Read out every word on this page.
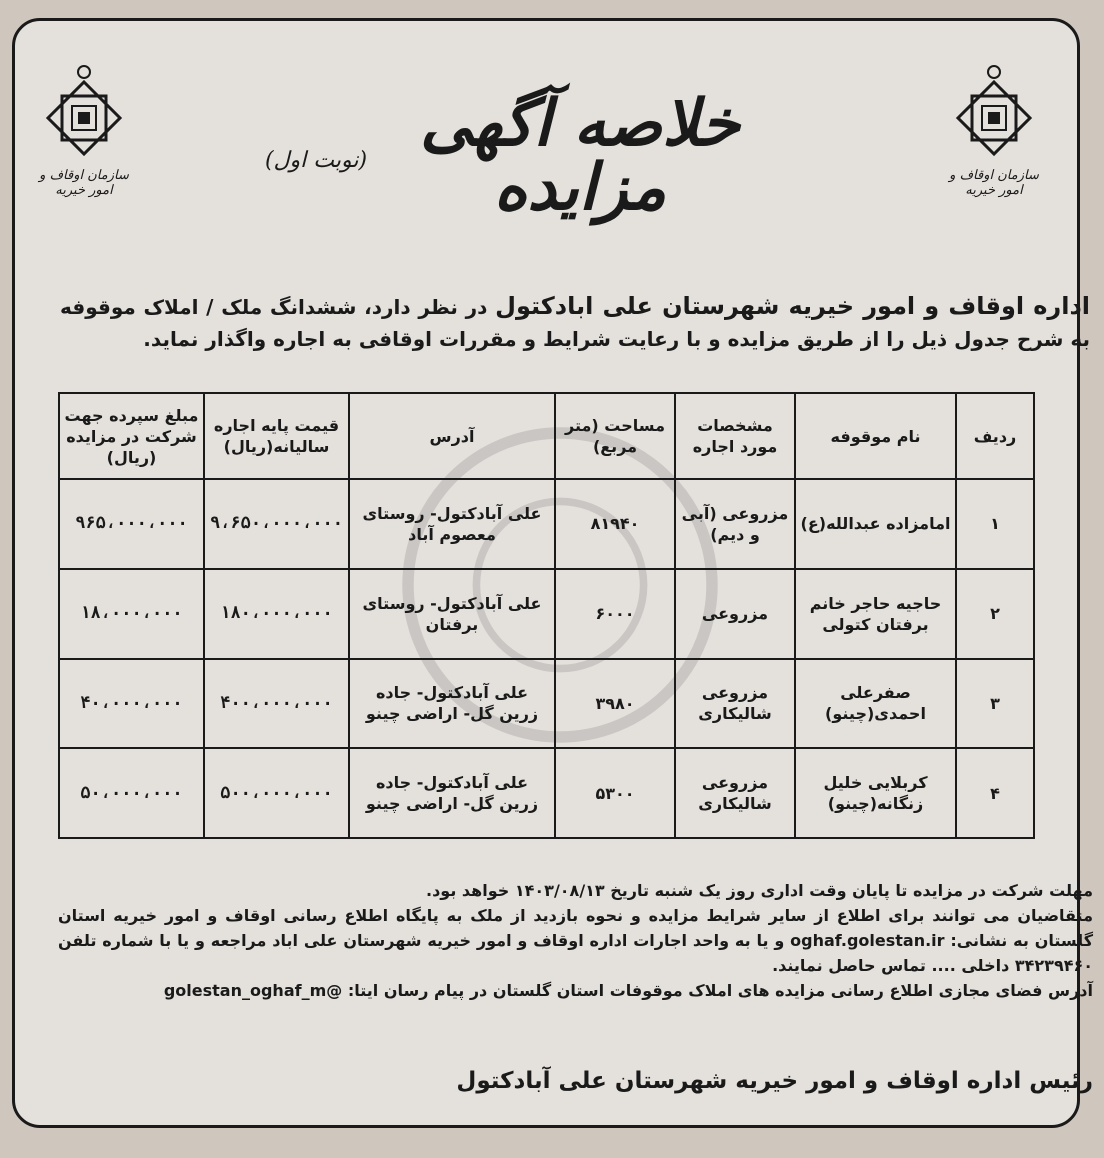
سازمان اوقاف و امور خیریه
سازمان اوقاف و امور خیریه
خلاصه آگهی مزایده
(نوبت اول)
اداره اوقاف و امور خیریه شهرستان علی ابادکتول در نظر دارد، ششدانگ ملک / املاک موقوفه به شرح جدول ذیل را از طریق مزایده و با رعایت شرایط و مقررات اوقافی به اجاره واگذار نماید.
ردیف	نام موقوفه	مشخصات مورد اجاره	مساحت (متر مربع)	آدرس	قیمت پایه اجاره سالیانه(ریال)	مبلغ سپرده جهت شرکت در مزایده (ریال)
۱	امامزاده عبدالله(ع)	مزروعی (آبی و دیم)	۸۱۹۴۰	علی آبادکتول- روستای معصوم آباد	۹،۶۵۰،۰۰۰،۰۰۰	۹۶۵،۰۰۰،۰۰۰
۲	حاجیه حاجر خانم برفتان کتولی	مزروعی	۶۰۰۰	علی آبادکتول- روستای برفتان	۱۸۰،۰۰۰،۰۰۰	۱۸،۰۰۰،۰۰۰
۳	صفرعلی احمدی(چینو)	مزروعی شالیکاری	۳۹۸۰	علی آبادکتول- جاده زرین گل- اراضی چینو	۴۰۰،۰۰۰،۰۰۰	۴۰،۰۰۰،۰۰۰
۴	کربلایی خلیل زنگانه(چینو)	مزروعی شالیکاری	۵۳۰۰	علی آبادکتول- جاده زرین گل- اراضی چینو	۵۰۰،۰۰۰،۰۰۰	۵۰،۰۰۰،۰۰۰

مهلت شرکت در مزایده تا پایان وقت اداری روز یک شنبه تاریخ ۱۴۰۳/۰۸/۱۳ خواهد بود.

متقاضیان می توانند برای اطلاع از سایر شرایط مزایده و نحوه بازدید از ملک به پایگاه اطلاع رسانی اوقاف و امور خیریه استان گلستان به نشانی: oghaf.golestan.ir و یا به واحد اجارات اداره اوقاف و امور خیریه شهرستان علی اباد مراجعه و یا با شماره تلفن ۳۴۲۳۹۴۶۰ داخلی .... تماس حاصل نمایند.

آدرس فضای مجازی اطلاع رسانی مزایده های املاک موقوفات استان گلستان در پیام رسان ایتا: @golestan_oghaf_m

رئیس اداره اوقاف و امور خیریه شهرستان علی آبادکتول
